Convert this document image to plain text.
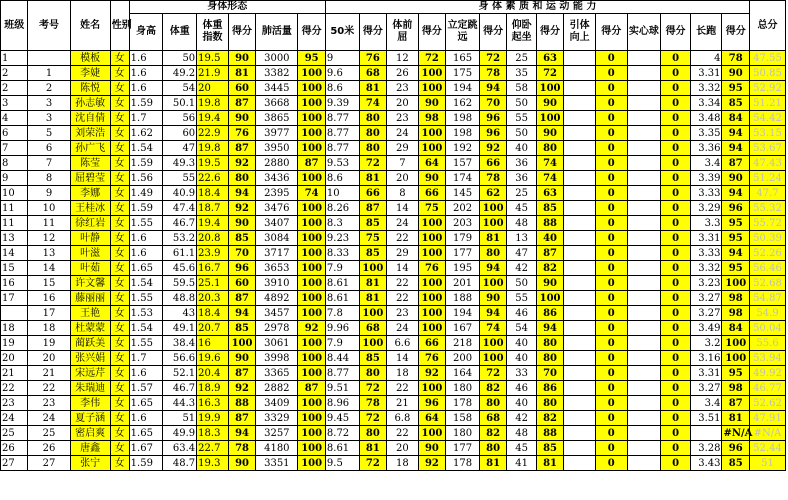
班级	考号	姓名	性别	身体形态						身 体 素 质 和 运 动 能 力														总分
				身高	体重	体重指数	得分	肺活量	得分	50米	得分	体前屈	得分	立定跳远	得分	仰卧起坐	得分	引体向上	得分	实心球	得分	长跑	得分	
1		模板	女	1.6	50	19.5	90	3000	95	9	76	12	72	165	72	25	63		0		0	4	78	47.55
2	1	李婕	女	1.6	49.2	21.9	81	3382	100	9.6	68	26	100	175	78	35	72		0		0	3.31	90	50.85
2	2	陈悦	女	1.6	54	20	60	3445	100	8.6	81	23	100	194	94	58	100		0		0	3.32	95	52.92
3	3	孙志敏	女	1.59	50.1	19.8	87	3668	100	9.39	74	20	90	162	70	50	90		0		0	3.34	85	51.21
4	3	沈自倩	女	1.7	56	19.4	90	3865	100	8.77	80	23	98	198	96	55	100		0		0	3.48	84	54.42
6	5	刘荣浩	女	1.62	60	22.9	76	3977	100	8.77	80	24	100	198	96	50	90		0		0	3.35	94	53.15
7	6	孙广飞	女	1.54	47	19.8	87	3950	100	8.77	80	29	100	192	92	40	80		0		0	3.36	94	53.67
8	7	陈莹	女	1.59	49.3	19.5	92	2880	87	9.53	72	7	64	157	66	36	74		0		0	3.4	87	47.43
9	8	屈碧莹	女	1.56	55	22.6	80	3436	100	8.6	81	20	90	174	78	36	74		0		0	3.39	90	51.24
10	9	李娜	女	1.49	40.9	18.4	94	2395	74	10	66	8	66	145	62	25	63		0		0	3.33	94	47.7
11	10	王桂冰	女	1.59	47.4	18.7	92	3476	100	8.26	87	14	75	202	100	45	85		0		0	3.29	96	55.32
11	11	徐红岩	女	1.55	46.7	19.4	90	3407	100	8.3	85	24	100	203	100	48	88		0		0	3.3	95	55.72
13	12	叶静	女	1.6	53.2	20.8	85	3084	100	9.23	75	22	100	179	81	13	40		0		0	3.31	95	50.39
14	13	叶滋	女	1.6	61.1	23.9	70	3717	100	8.33	85	29	100	177	80	47	87		0		0	3.33	94	52.26
15	14	叶茹	女	1.65	45.6	16.7	96	3653	100	7.9	100	14	76	195	94	42	82		0		0	3.32	95	56.46
16	15	许文馨	女	1.54	59.5	25.1	60	3910	100	8.61	81	22	100	201	100	50	90		0		0	3.23	100	52.68
17	16	藤丽丽	女	1.55	48.8	20.3	87	4892	100	8.61	81	22	100	188	90	55	100		0		0	3.27	98	54.87
	17	王艳	女	1.53	43	18.4	94	3457	100	7.8	100	23	100	194	94	46	86		0		0	3.27	98	54.9
18	18	杜蒙蒙	女	1.54	49.1	20.7	85	2978	92	9.96	68	24	100	167	74	54	94		0		0	3.49	84	50.04
19	19	蔺跃美	女	1.55	38.4	16	100	3061	100	7.9	100	6.6	66	218	100	40	80		0		0	3.2	100	55.6
20	20	张兴娟	女	1.7	56.6	19.6	90	3998	100	8.44	85	14	76	200	100	40	80		0		0	3.16	100	53.94
21	21	宋远芹	女	1.6	52.1	20.4	87	3365	100	8.77	80	18	92	164	72	33	70		0		0	3.31	95	49.92
22	22	朱瑞迪	女	1.57	46.7	18.9	92	2882	87	9.51	72	22	100	180	82	46	86		0		0	3.27	98	46.77
23	23	李伟	女	1.65	44.3	16.3	88	3409	100	8.96	78	21	96	178	80	40	80		0		0	3.4	87	52.62
24	24	夏子涵	女	1.6	51	19.9	87	3329	100	9.45	72	6.8	64	158	68	42	82		0		0	3.51	81	47.91
25	25	密启爽	女	1.65	49.9	18.3	94	3257	100	8.72	80	22	100	180	82	48	88		0		0		#N/A	#N/A
26	26	唐鑫	女	1.67	63.4	22.7	78	4180	100	8.61	81	20	90	177	80	45	85		0		0	3.28	96	52.44
27	27	张宁	女	1.59	48.7	19.3	90	3351	100	9.5	72	18	92	178	81	41	81		0		0	3.43	85	51
